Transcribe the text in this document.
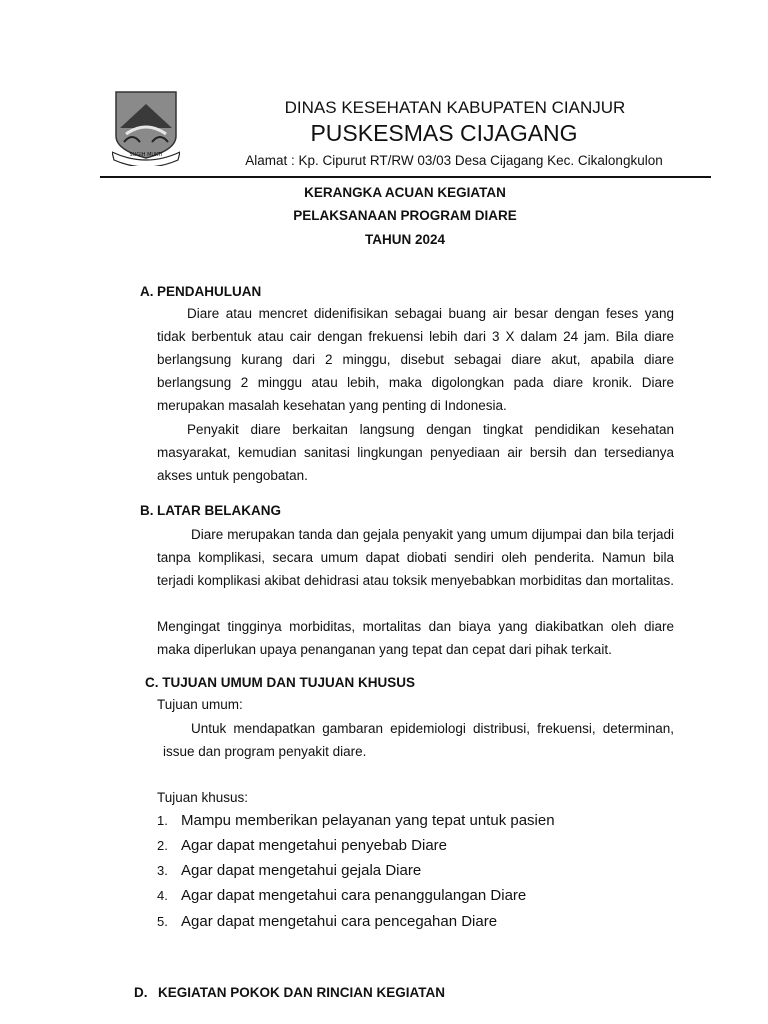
SUGIH MUKTI
DINAS KESEHATAN KABUPATEN CIANJUR
PUSKESMAS CIJAGANG
Alamat : Kp. Cipurut RT/RW 03/03 Desa Cijagang Kec. Cikalongkulon
KERANGKA ACUAN KEGIATAN
PELAKSANAAN PROGRAM DIARE
TAHUN 2024
A. PENDAHULUAN

Diare atau mencret didenifisikan sebagai buang air besar dengan feses yang tidak berbentuk atau cair dengan frekuensi lebih dari 3 X dalam 24 jam. Bila diare berlangsung kurang dari 2 minggu, disebut sebagai diare akut, apabila diare berlangsung 2 minggu atau lebih, maka digolongkan pada diare kronik. Diare merupakan masalah kesehatan yang penting di Indonesia.

Penyakit diare berkaitan langsung dengan tingkat pendidikan kesehatan masyarakat, kemudian sanitasi lingkungan penyediaan air bersih dan tersedianya akses untuk pengobatan.

B. LATAR BELAKANG

Diare merupakan tanda dan gejala penyakit yang umum dijumpai dan bila terjadi tanpa komplikasi, secara umum dapat diobati sendiri oleh penderita. Namun bila terjadi komplikasi akibat dehidrasi atau toksik menyebabkan morbiditas dan mortalitas.

Mengingat tingginya morbiditas, mortalitas dan biaya yang diakibatkan oleh diare maka diperlukan upaya penanganan yang tepat dan cepat dari pihak terkait.

C. TUJUAN UMUM DAN TUJUAN KHUSUS
Tujuan umum:

Untuk mendapatkan gambaran epidemiologi distribusi, frekuensi, determinan, issue dan program penyakit diare.

Tujuan khusus:
1. Mampu memberikan pelayanan yang tepat untuk pasien
2. Agar dapat mengetahui penyebab Diare
3. Agar dapat mengetahui gejala Diare
4. Agar dapat mengetahui cara penanggulangan Diare
5. Agar dapat mengetahui cara pencegahan Diare
D. KEGIATAN POKOK DAN RINCIAN KEGIATAN
